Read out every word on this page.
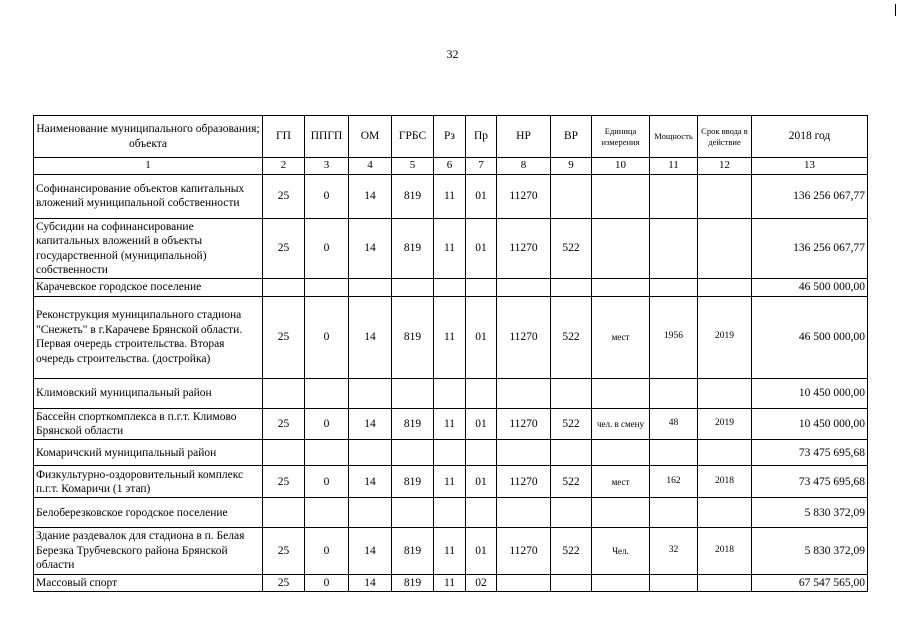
32
Наименование муниципального образования; объекта	ГП	ППГП	ОМ	ГРБС	Рз	Пр	НР	ВР	Единица измерения	Мощность	Срок ввода в действие	2018 год
1	2	3	4	5	6	7	8	9	10	11	12	13
Софинансирование объектов капитальных вложений муниципальной собственности	25	0	14	819	11	01	11270					136 256 067,77
Субсидии на софинансирование капитальных вложений в объекты государственной (муниципальной) собственности	25	0	14	819	11	01	11270	522				136 256 067,77
Карачевское городское поселение												46 500 000,00
Реконструкция муниципального стадиона "Снежеть" в г.Карачеве Брянской области. Первая очередь строительства. Вторая очередь строительства. (достройка)	25	0	14	819	11	01	11270	522	мест	1956	2019	46 500 000,00
Климовский муниципальный район												10 450 000,00
Бассейн спорткомплекса в п.г.т. Климово Брянской области	25	0	14	819	11	01	11270	522	чел. в смену	48	2019	10 450 000,00
Комаричский муниципальный район												73 475 695,68
Физкультурно-оздоровительный комплекс п.г.т. Комаричи (1 этап)	25	0	14	819	11	01	11270	522	мест	162	2018	73 475 695,68
Белоберезковское городское поселение												5 830 372,09
Здание раздевалок для стадиона в п. Белая Березка Трубчевского района Брянской области	25	0	14	819	11	01	11270	522	Чел.	32	2018	5 830 372,09
Массовый спорт	25	0	14	819	11	02						67 547 565,00
